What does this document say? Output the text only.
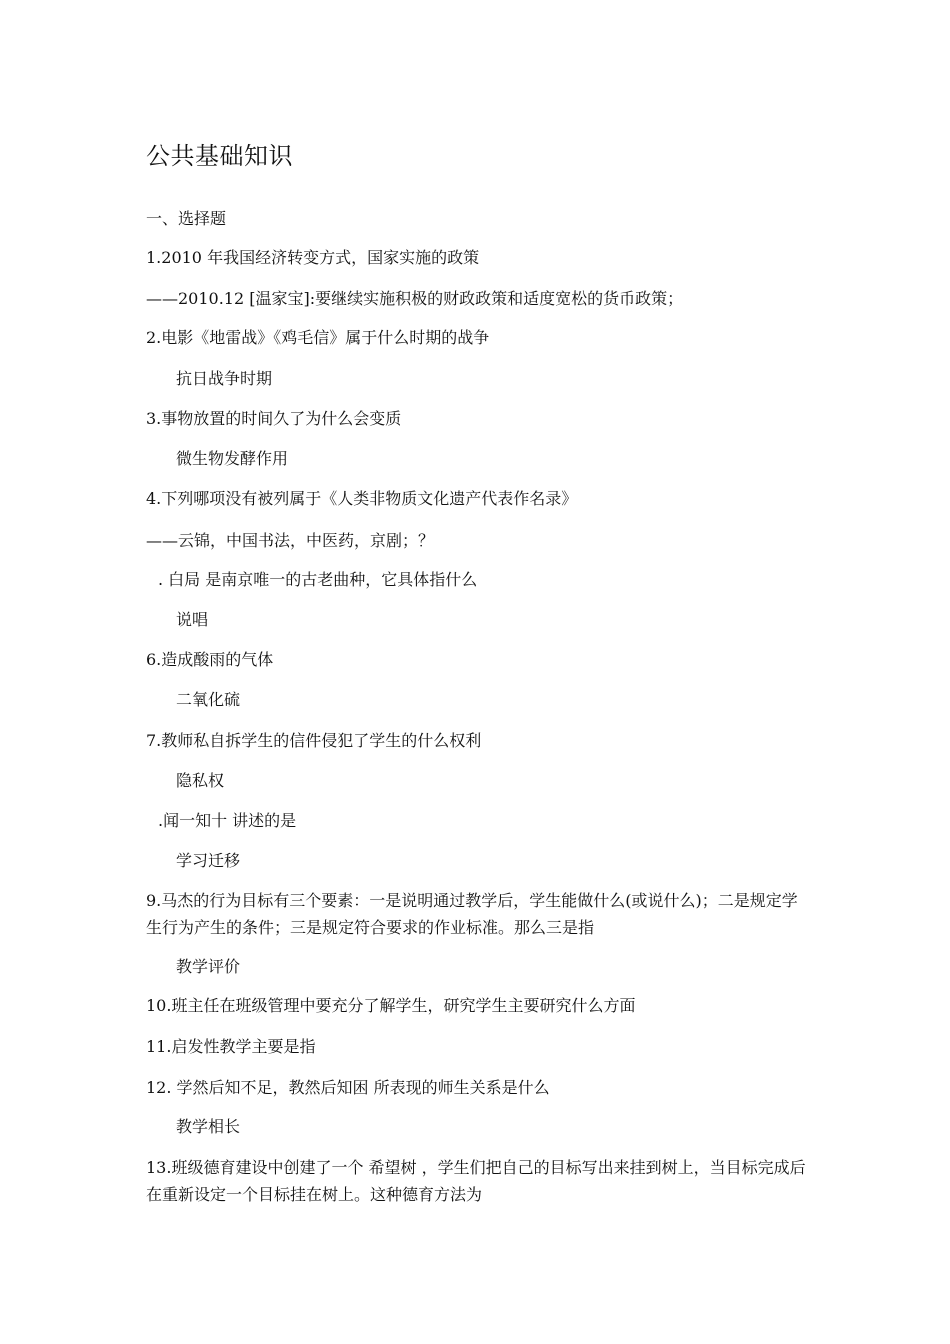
公共基础知识
一、选择题
1.2010 年我国经济转变方式，国家实施的政策
——2010.12 [温家宝]:要继续实施积极的财政政策和适度宽松的货币政策；
2.电影《地雷战》《鸡毛信》属于什么时期的战争
抗日战争时期
3.事物放置的时间久了为什么会变质
微生物发酵作用
4.下列哪项没有被列属于《人类非物质文化遗产代表作名录》
——云锦，中国书法，中医药，京剧；？
. 白局 是南京唯一的古老曲种，它具体指什么
说唱
6.造成酸雨的气体
二氧化硫
7.教师私自拆学生的信件侵犯了学生的什么权利
隐私权
.闻一知十 讲述的是
学习迁移
9.马杰的行为目标有三个要素：一是说明通过教学后，学生能做什么(或说什么)；二是规定学生行为产生的条件；三是规定符合要求的作业标准。那么三是指
教学评价
10.班主任在班级管理中要充分了解学生，研究学生主要研究什么方面
11.启发性教学主要是指
12. 学然后知不足，教然后知困 所表现的师生关系是什么
教学相长
13.班级德育建设中创建了一个 希望树 ，学生们把自己的目标写出来挂到树上，当目标完成后在重新设定一个目标挂在树上。这种德育方法为
